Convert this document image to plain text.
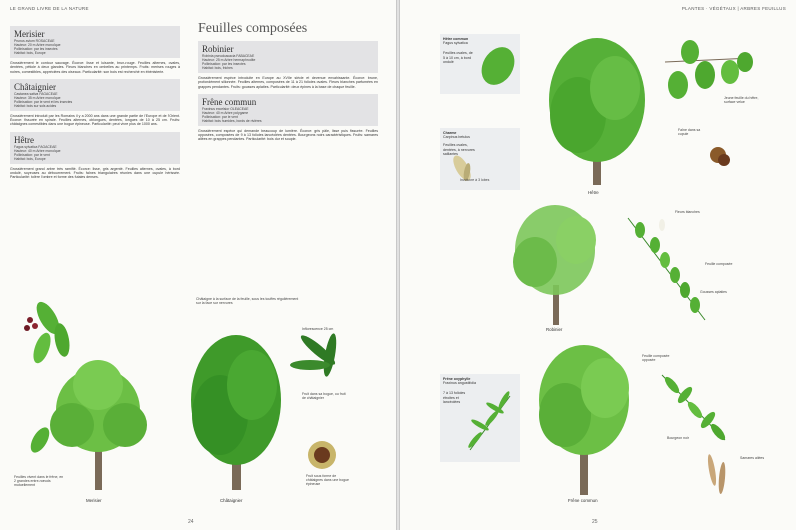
LE GRAND LIVRE DE LA NATURE
Merisier
Prunus avium ROSACEAE
Hauteur: 20 m Arbre monoïque
Pollinisation: par les insectes
Habitat: bois, Europe
Grossièrement le contour sauvage. Écorce: lisse et luisante, brun-rouge. Feuilles alternes, ovales, dentées, pétiole à deux glandes. Fleurs blanches en ombelles au printemps. Fruits: merises rouges à noires, comestibles, appréciées des oiseaux. Particularité: son bois est recherché en ébénisterie.
Châtaignier
Castanea sativa FAGACEAE
Hauteur: 35 m Arbre monoïque
Pollinisation: par le vent et les insectes
Habitat: bois sur sols acides
Grossièrement introduit par les Romains il y a 2000 ans dans une grande partie de l'Europe et de l'Orient. Écorce: fissurée en spirale. Feuilles alternes, oblongues, dentées, longues de 10 à 25 cm. Fruits: châtaignes comestibles dans une bogue épineuse. Particularité: peut vivre plus de 1000 ans.
Hêtre
Fagus sylvatica FAGACEAE
Hauteur: 40 m Arbre monoïque
Pollinisation: par le vent
Habitat: bois, Europe
Grossièrement grand arbre très ramifié. Écorce: lisse, gris argenté. Feuilles alternes, ovales, à bord ondulé, soyeuses au débourrement. Fruits: faînes triangulaires réunies dans une cupule hérissée. Particularité: tolère l'ombre et forme des futaies denses.
Feuilles composées
Robinier
Robinia pseudoacacia FABACEAE
Hauteur: 25 m Arbre hermaphrodite
Pollinisation: par les insectes
Habitat: bois, friches
Grossièrement espèce introduite en Europe au XVIIe siècle et devenue envahissante. Écorce: brune, profondément sillonnée. Feuilles alternes, composées de 11 à 21 folioles ovales. Fleurs blanches parfumées en grappes pendantes. Fruits: gousses aplaties. Particularité: deux épines à la base de chaque feuille.
Frêne commun
Fraxinus excelsior OLEACEAE
Hauteur: 40 m Arbre polygame
Pollinisation: par le vent
Habitat: bois humides, bords de rivières
Grossièrement espèce qui demande beaucoup de lumière. Écorce: gris pâle, lisse puis fissurée. Feuilles opposées, composées de 9 à 13 folioles lancéolées dentées. Bourgeons noirs caractéristiques. Fruits: samares ailées en grappes pendantes. Particularité: bois dur et souple.
Châtaigne à la surface de la feuille, sous les touffes régulièrement sur la face sur nervures
Feuilles vivent dans le frêne, en 2 grandes entre-nœuds mutuellement
Inflorescence 25 cm
Fruit dans sa bogue, ou fruit de châtaignier
Fruit sous forme de châtaignes dans une bogue épineuse
Merisier	Châtaignier
24
PLANTES · VÉGÉTAUX | ARBRES FEUILLUS
Hêtre commun
Fagus sylvatica
Feuilles ovales, de 5 à 10 cm, à bord ondulé
Charme
Carpinus betulus
Feuilles ovales, dentées, à nervures saillantes
Frêne oxyphylle
Fraxinus angustifolia
7 à 13 folioles étroites et lancéolées
Jeune feuille du hêtre, surface velue
Faîne dans sa cupule
Involucre à 3 lobes
Fleurs blanches
Feuille composée
Gousses aplaties
Feuille composée opposée
Bourgeon noir
Samares ailées
Hêtre
Robinier
Frêne commun
25
